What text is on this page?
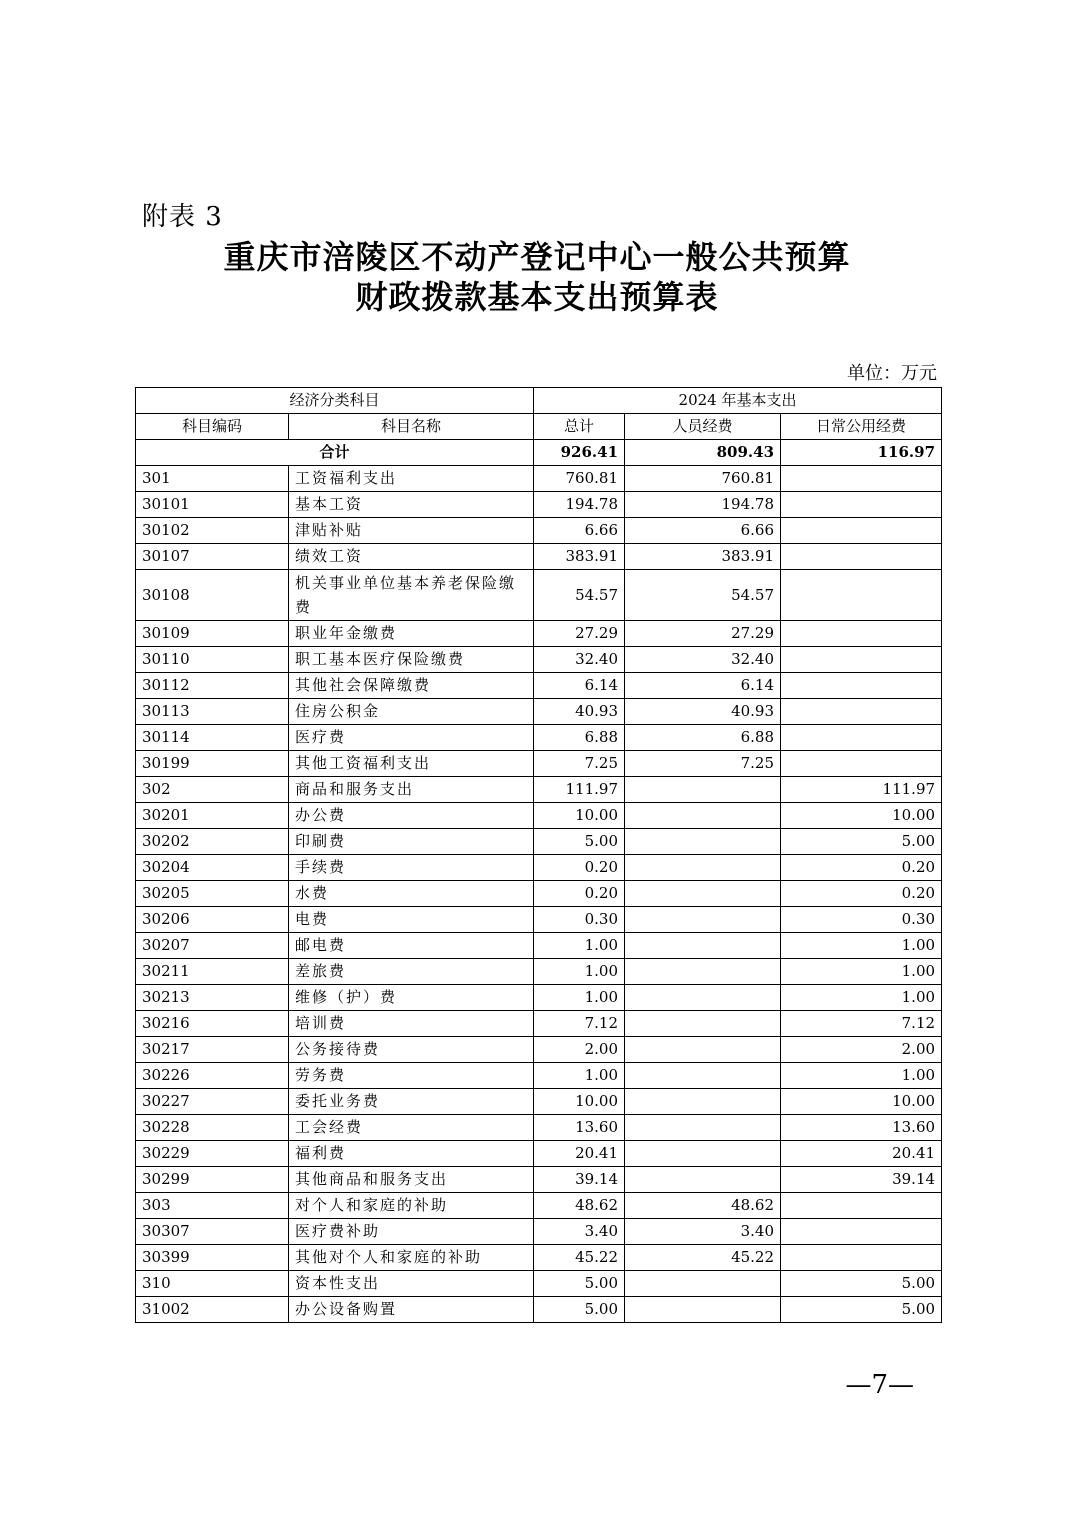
附表 3
重庆市涪陵区不动产登记中心一般公共预算
财政拨款基本支出预算表
单位：万元
经济分类科目		2024 年基本支出		
科目编码	科目名称	总计	人员经费	日常公用经费
合计		926.41	809.43	116.97
301	工资福利支出	760.81	760.81	
30101	基本工资	194.78	194.78	
30102	津贴补贴	6.66	6.66	
30107	绩效工资	383.91	383.91	
30108	机关事业单位基本养老保险缴费	54.57	54.57	
30109	职业年金缴费	27.29	27.29	
30110	职工基本医疗保险缴费	32.40	32.40	
30112	其他社会保障缴费	6.14	6.14	
30113	住房公积金	40.93	40.93	
30114	医疗费	6.88	6.88	
30199	其他工资福利支出	7.25	7.25	
302	商品和服务支出	111.97		111.97
30201	办公费	10.00		10.00
30202	印刷费	5.00		5.00
30204	手续费	0.20		0.20
30205	水费	0.20		0.20
30206	电费	0.30		0.30
30207	邮电费	1.00		1.00
30211	差旅费	1.00		1.00
30213	维修（护）费	1.00		1.00
30216	培训费	7.12		7.12
30217	公务接待费	2.00		2.00
30226	劳务费	1.00		1.00
30227	委托业务费	10.00		10.00
30228	工会经费	13.60		13.60
30229	福利费	20.41		20.41
30299	其他商品和服务支出	39.14		39.14
303	对个人和家庭的补助	48.62	48.62	
30307	医疗费补助	3.40	3.40	
30399	其他对个人和家庭的补助	45.22	45.22	
310	资本性支出	5.00		5.00
31002	办公设备购置	5.00		5.00
—7—
